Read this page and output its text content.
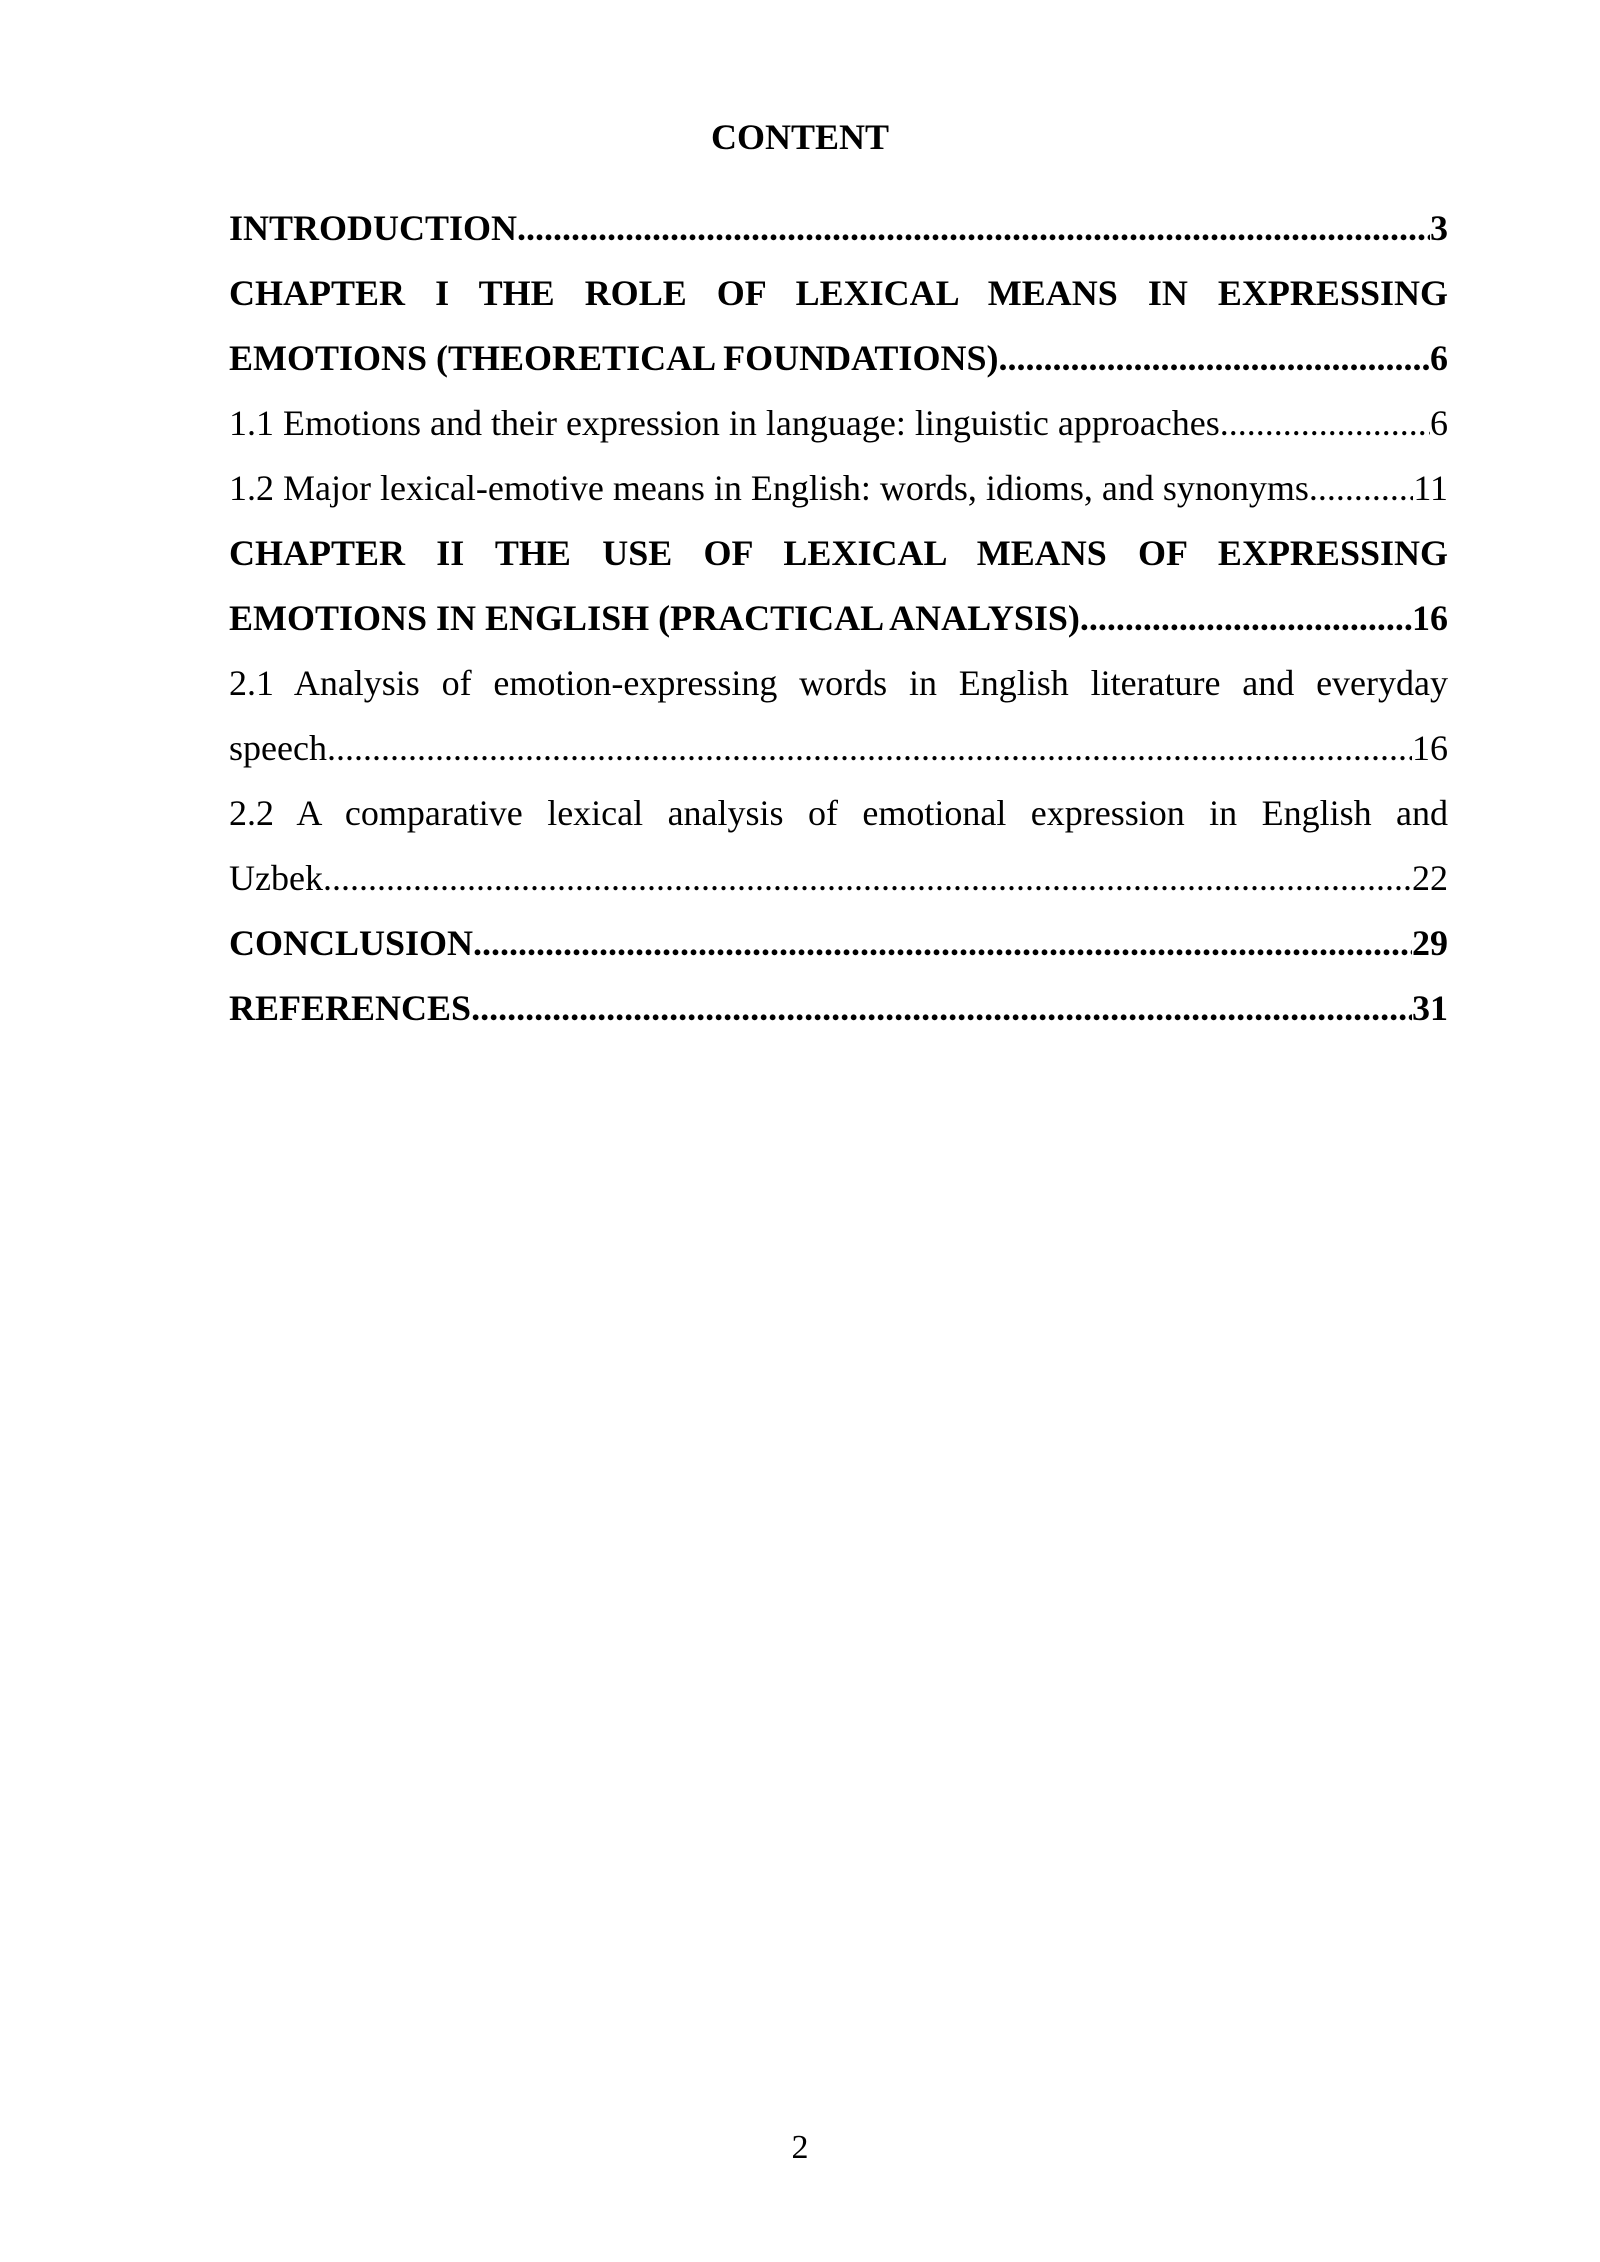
CONTENT
INTRODUCTION .....	3
CHAPTER I THE ROLE OF LEXICAL MEANS IN EXPRESSING
EMOTIONS (THEORETICAL FOUNDATIONS) .....	6
1.1 Emotions and their expression in language: linguistic approaches .....	6
1.2 Major lexical-emotive means in English: words, idioms, and synonyms .....	11
CHAPTER II THE USE OF LEXICAL MEANS OF EXPRESSING
EMOTIONS IN ENGLISH (PRACTICAL ANALYSIS) .....	16
2.1 Analysis of emotion-expressing words in English literature and everyday
speech .....	16
2.2 A comparative lexical analysis of emotional expression in English and
Uzbek .....	22
CONCLUSION .....	29
REFERENCES .....	31
2
